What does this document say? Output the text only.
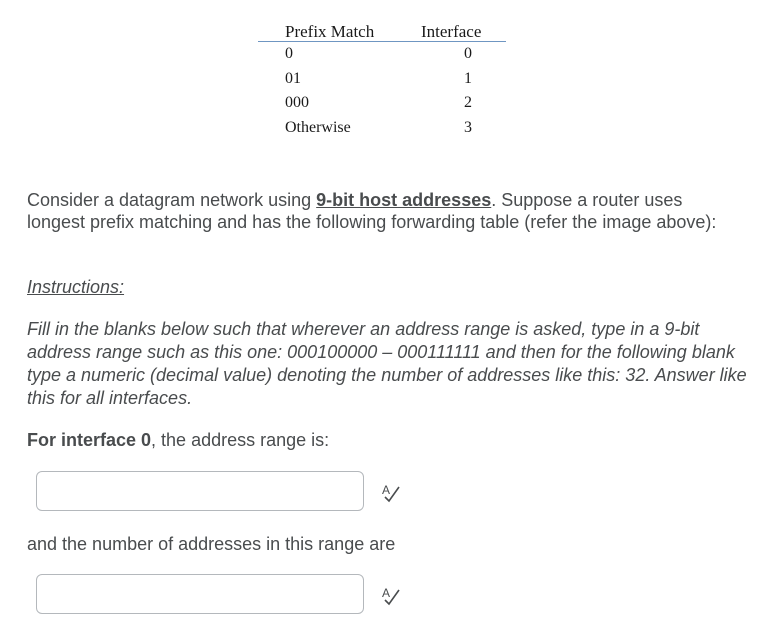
Prefix Match	Interface
0	0
01	1
000	2
Otherwise	3

Consider a datagram network using 9-bit host addresses. Suppose a router uses longest prefix matching and has the following forwarding table (refer the image above):

Instructions:

Fill in the blanks below such that wherever an address range is asked, type in a 9-bit address range such as this one: 000100000 – 000111111 and then for the following blank type a numeric (decimal value) denoting the number of addresses like this: 32. Answer like this for all interfaces.

For interface 0, the address range is:

A

and the number of addresses in this range are

A
